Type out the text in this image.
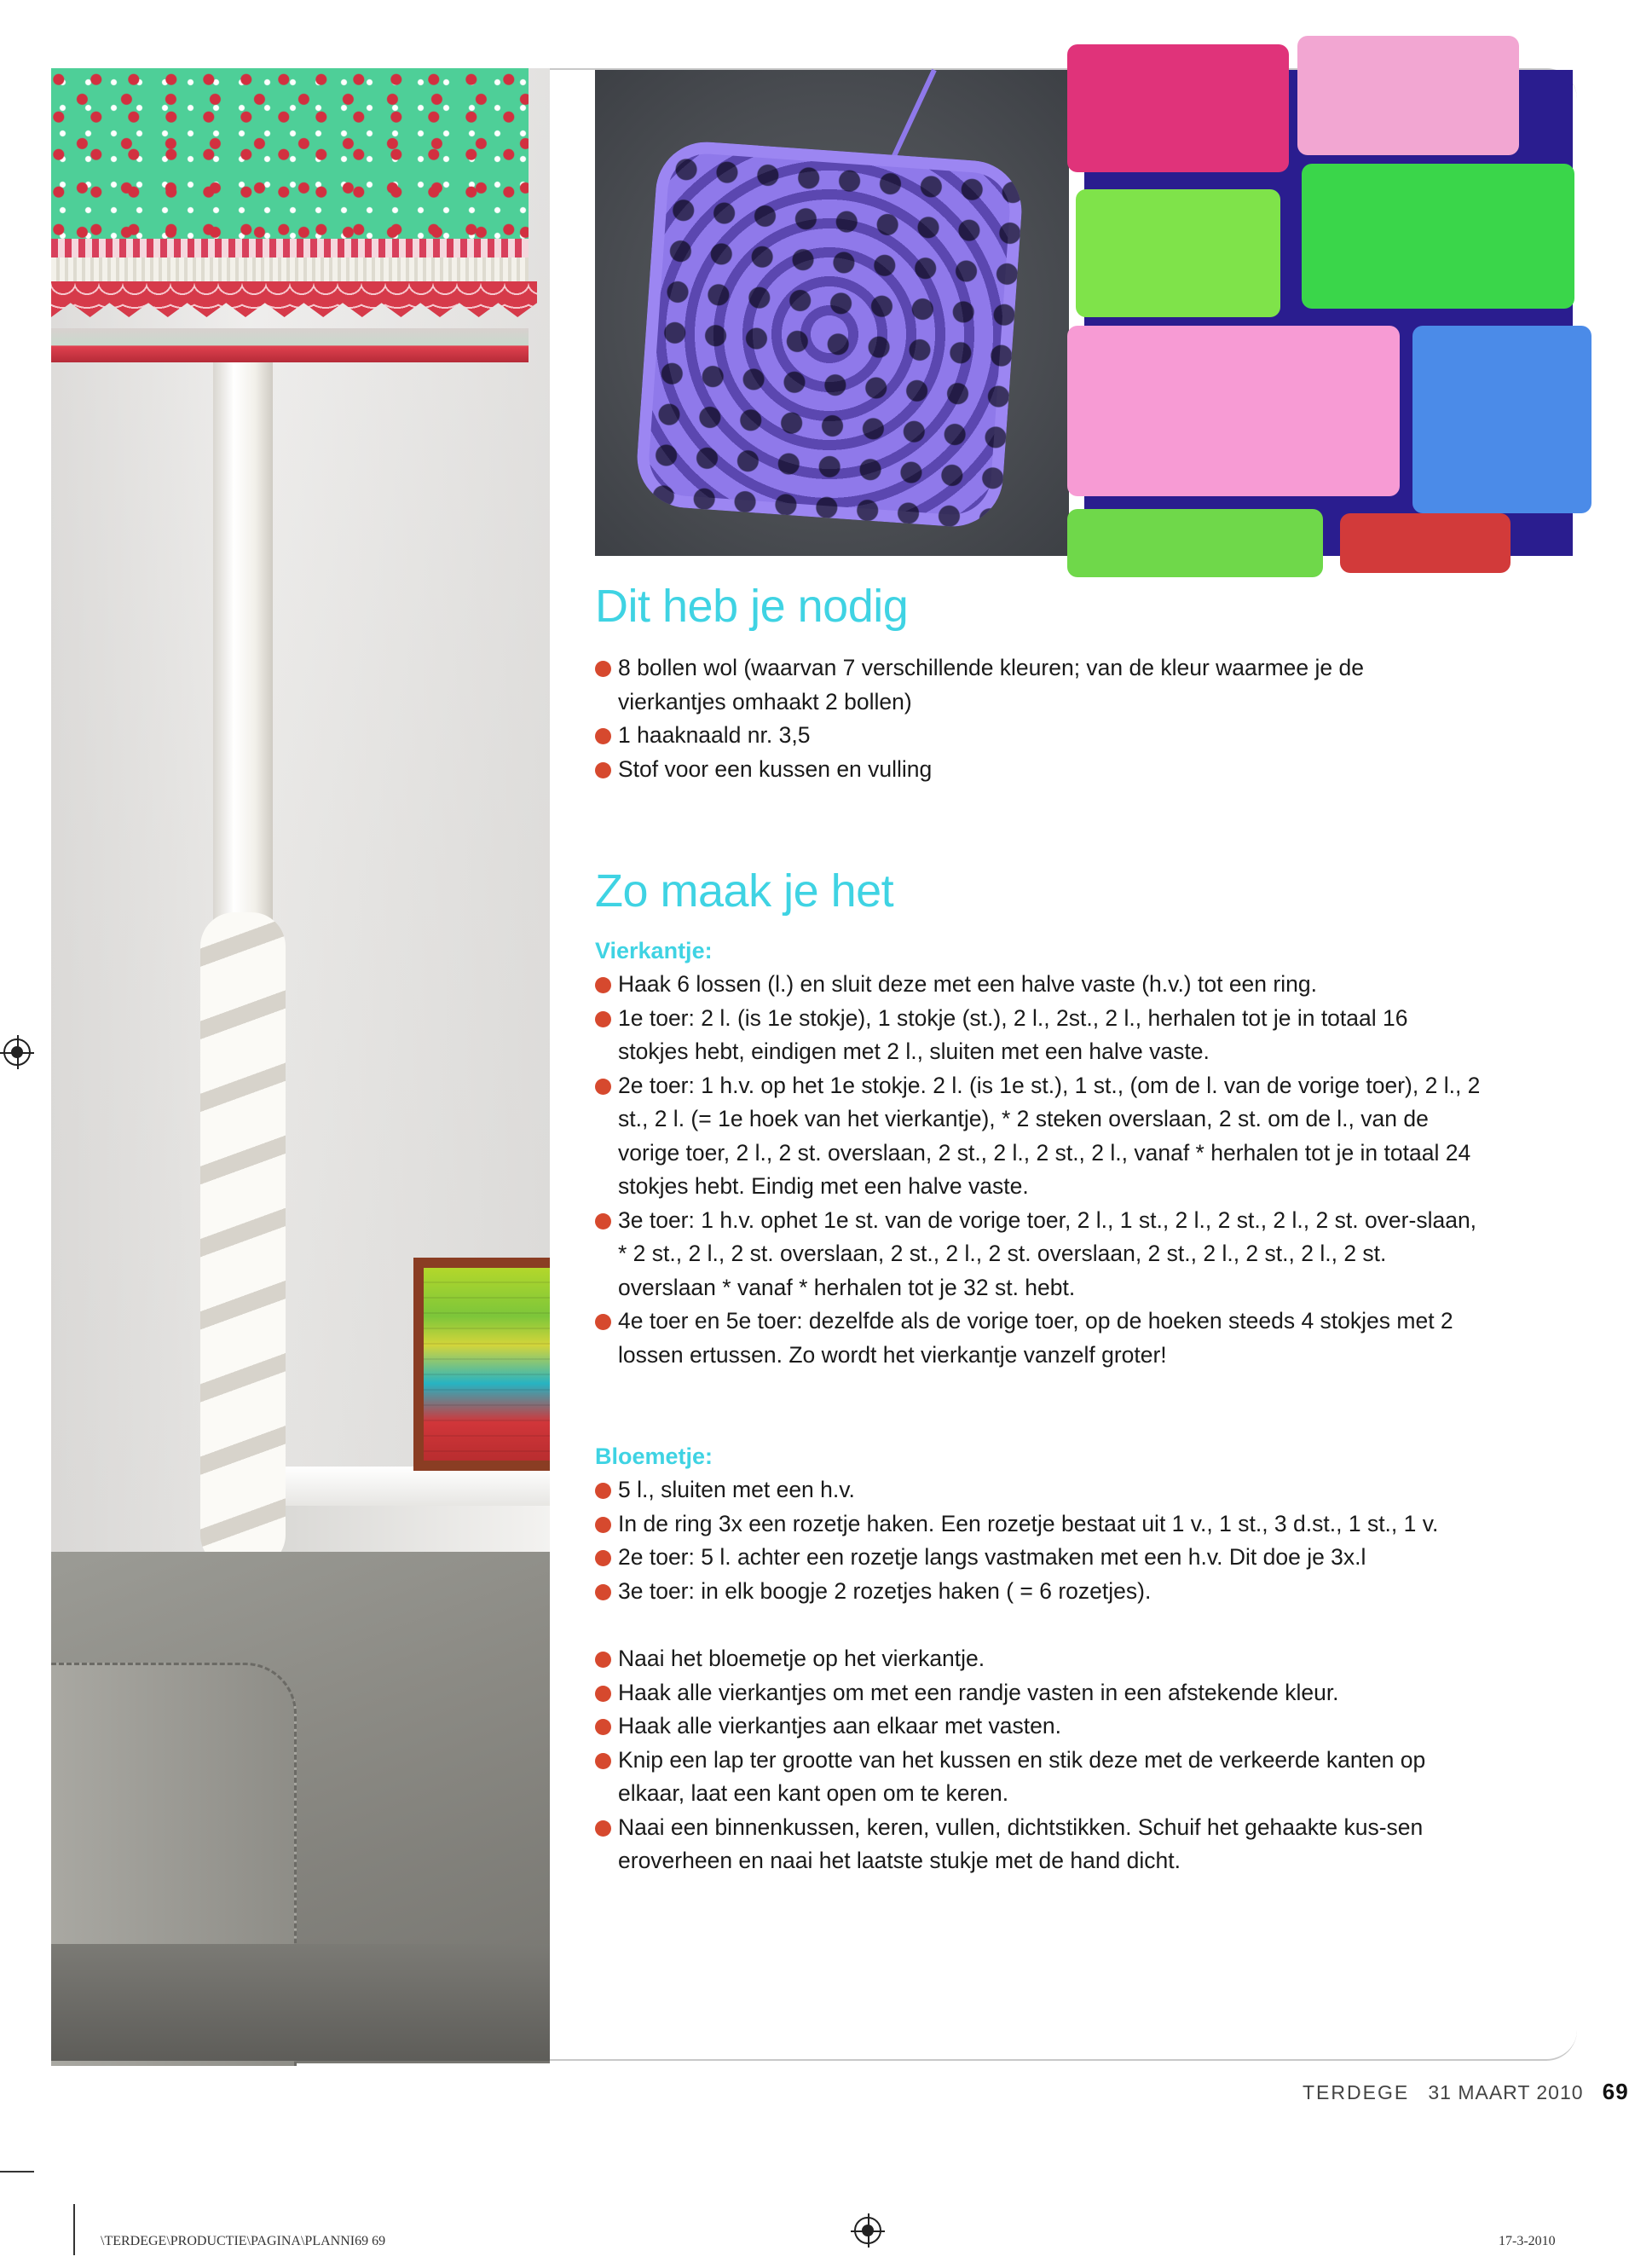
Dit heb je nodig
8 bollen wol (waarvan 7 verschillende kleuren; van de kleur waarmee je de vierkantjes omhaakt 2 bollen)
1 haaknaald nr. 3,5
Stof voor een kussen en vulling
Zo maak je het

Vierkantje:

Haak 6 lossen (l.) en sluit deze met een halve vaste (h.v.) tot een ring.
1e toer: 2 l. (is 1e stokje), 1 stokje (st.), 2 l., 2st., 2 l., herhalen tot je in totaal 16 stokjes hebt, eindigen met 2 l., sluiten met een halve vaste.
2e toer: 1 h.v. op het 1e stokje. 2 l. (is 1e st.), 1 st., (om de l. van de vorige toer), 2 l., 2 st., 2 l. (= 1e hoek van het vierkantje), * 2 steken overslaan, 2 st. om de l., van de vorige toer, 2 l., 2 st. overslaan, 2 st., 2 l., 2 st., 2 l., vanaf * herhalen tot je in totaal 24 stokjes hebt. Eindig met een halve vaste.
3e toer: 1 h.v. ophet 1e st. van de vorige toer, 2 l., 1 st., 2 l., 2 st., 2 l., 2 st. over-slaan, * 2 st., 2 l., 2 st. overslaan, 2 st., 2 l., 2 st. overslaan, 2 st., 2 l., 2 st., 2 l., 2 st. overslaan * vanaf * herhalen tot je 32 st. hebt.
4e toer en 5e toer: dezelfde als de vorige toer, op de hoeken steeds 4 stokjes met 2 lossen ertussen. Zo wordt het vierkantje vanzelf groter!

Bloemetje:

5 l., sluiten met een h.v.
In de ring 3x een rozetje haken. Een rozetje bestaat uit 1 v., 1 st., 3 d.st., 1 st., 1 v.
2e toer: 5 l. achter een rozetje langs vastmaken met een h.v. Dit doe je 3x.l
3e toer: in elk boogje 2 rozetjes haken ( = 6 rozetjes).
Naai het bloemetje op het vierkantje.
Haak alle vierkantjes om met een randje vasten in een afstekende kleur.
Haak alle vierkantjes aan elkaar met vasten.
Knip een lap ter grootte van het kussen en stik deze met de verkeerde kanten op elkaar, laat een kant open om te keren.
Naai een binnenkussen, keren, vullen, dichtstikken. Schuif het gehaakte kus-sen eroverheen en naai het laatste stukje met de hand dicht.
TERDEGE 31 MAART 2010 69
\TERDEGE\PRODUCTIE\PAGINA\PLANNI69 69	17-3-2010
